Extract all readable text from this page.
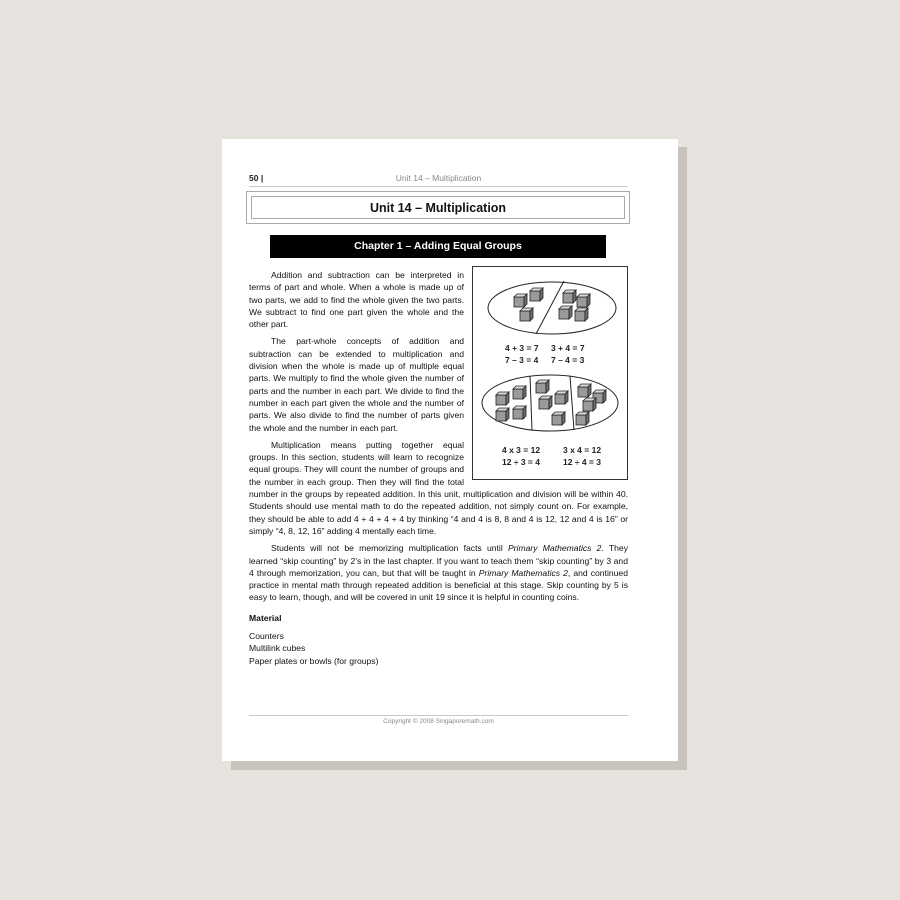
50 |	Unit 14 – Multiplication
Unit 14 – Multiplication
Chapter 1 – Adding Equal Groups
4 + 3 = 7
7 – 3 = 4
3 + 4 = 7
7 – 4 = 3
4 x 3 = 12
12 ÷ 3 = 4
3 x 4 = 12
12 ÷ 4 = 3

Addition and subtraction can be interpreted in terms of part and whole. When a whole is made up of two parts, we add to find the whole given the two parts. We subtract to find one part given the whole and the other part.

The part-whole concepts of addition and subtraction can be extended to multiplication and division when the whole is made up of multiple equal parts. We multiply to find the whole given the number of parts and the number in each part. We divide to find the number in each part given the whole and the number of parts. We also divide to find the number of parts given the whole and the number in each part.

Multiplication means putting together equal groups. In this section, students will learn to recognize equal groups. They will count the number of groups and the number in each group. Then they will find the total number in the groups by repeated addition. In this unit, multiplication and division will be within 40. Students should use mental math to do the repeated addition, not simply count on. For example, they should be able to add 4 + 4 + 4 + 4 by thinking “4 and 4 is 8, 8 and 4 is 12, 12 and 4 is 16” or simply “4, 8, 12, 16” adding 4 mentally each time.

Students will not be memorizing multiplication facts until Primary Mathematics 2. They learned “skip counting” by 2’s in the last chapter. If you want to teach them “skip counting” by 3 and 4 through memorization, you can, but that will be taught in Primary Mathematics 2, and continued practice in mental math through repeated addition is beneficial at this stage. Skip counting by 5 is easy to learn, though, and will be covered in unit 19 since it is helpful in counting coins.

Material
Counters
Multilink cubes
Paper plates or bowls (for groups)
Copyright © 2008 Singaporemath.com
